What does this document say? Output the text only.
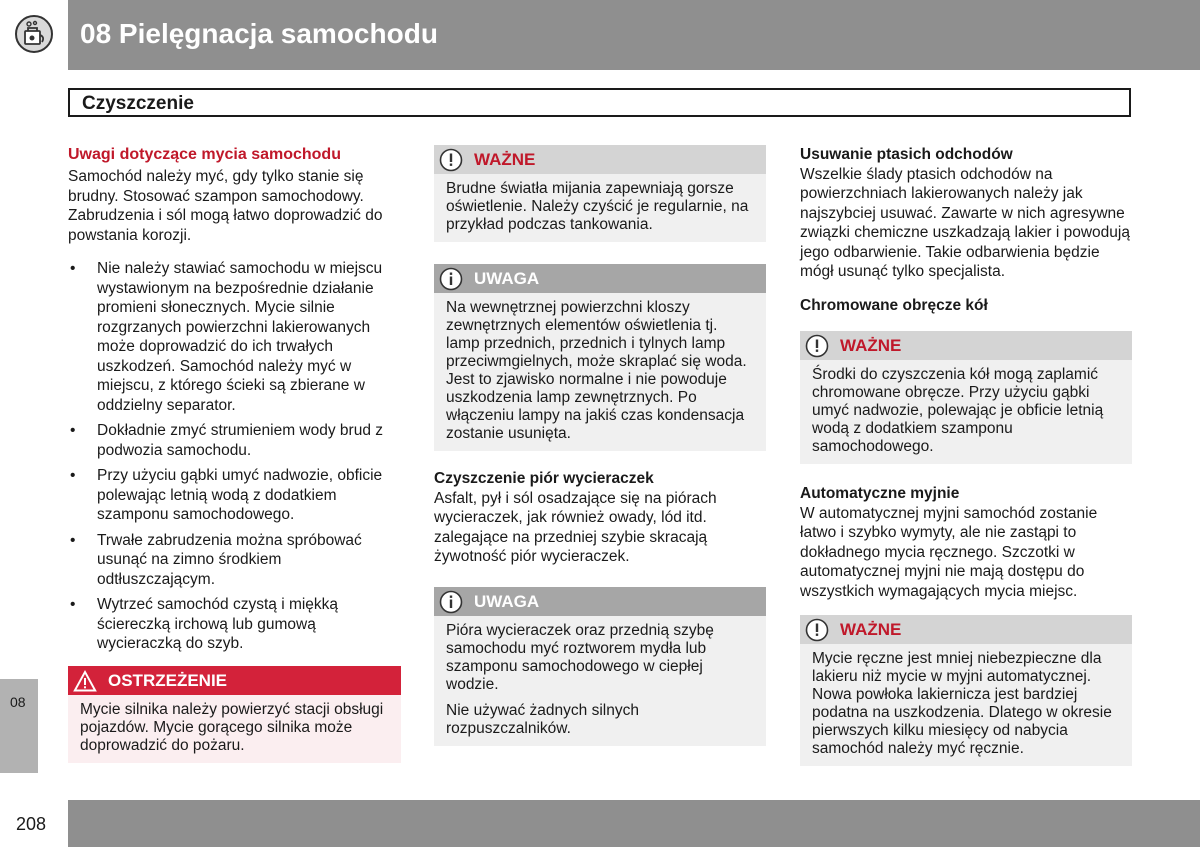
08 Pielęgnacja samochodu
08
208
Czyszczenie
Uwagi dotyczące mycia samochodu

Samochód należy myć, gdy tylko stanie się brudny. Stosować szampon samochodowy. Zabrudzenia i sól mogą łatwo doprowadzić do powstania korozji.

• Nie należy stawiać samochodu w miejscu wystawionym na bezpośrednie działanie promieni słonecznych. Mycie silnie rozgrzanych powierzchni lakierowanych może doprowadzić do ich trwałych uszkodzeń. Samochód należy myć w miejscu, z którego ścieki są zbierane w oddzielny separator.
• Dokładnie zmyć strumieniem wody brud z podwozia samochodu.
• Przy użyciu gąbki umyć nadwozie, obficie polewając letnią wodą z dodatkiem szamponu samochodowego.
• Trwałe zabrudzenia można spróbować usunąć na zimno środkiem odtłuszczającym.
• Wytrzeć samochód czystą i miękką ściereczką irchową lub gumową wycieraczką do szyb.
OSTRZEŻENIE
Mycie silnika należy powierzyć stacji obsługi pojazdów. Mycie gorącego silnika może doprowadzić do pożaru.
WAŻNE
Brudne światła mijania zapewniają gorsze oświetlenie. Należy czyścić je regularnie, na przykład podczas tankowania.
UWAGA
Na wewnętrznej powierzchni kloszy zewnętrznych elementów oświetlenia tj. lamp przednich, przednich i tylnych lamp przeciwmgielnych, może skraplać się woda. Jest to zjawisko normalne i nie powoduje uszkodzenia lamp zewnętrznych. Po włączeniu lampy na jakiś czas kondensacja zostanie usunięta.
Czyszczenie piór wycieraczek

Asfalt, pył i sól osadzające się na piórach wycieraczek, jak również owady, lód itd. zalegające na przedniej szybie skracają żywotność piór wycieraczek.

UWAGA

Pióra wycieraczek oraz przednią szybę samochodu myć roztworem mydła lub szamponu samochodowego w ciepłej wodzie.

Nie używać żadnych silnych rozpuszczalników.

Usuwanie ptasich odchodów

Wszelkie ślady ptasich odchodów na powierzchniach lakierowanych należy jak najszybciej usuwać. Zawarte w nich agresywne związki chemiczne uszkadzają lakier i powodują jego odbarwienie. Takie odbarwienia będzie mógł usunąć tylko specjalista.

Chromowane obręcze kół
WAŻNE
Środki do czyszczenia kół mogą zaplamić chromowane obręcze. Przy użyciu gąbki umyć nadwozie, polewając je obficie letnią wodą z dodatkiem szamponu samochodowego.
Automatyczne myjnie

W automatycznej myjni samochód zostanie łatwo i szybko wymyty, ale nie zastąpi to dokładnego mycia ręcznego. Szczotki w automatycznej myjni nie mają dostępu do wszystkich wymagających mycia miejsc.

WAŻNE
Mycie ręczne jest mniej niebezpieczne dla lakieru niż mycie w myjni automatycznej. Nowa powłoka lakiernicza jest bardziej podatna na uszkodzenia. Dlatego w okresie pierwszych kilku miesięcy od nabycia samochód należy myć ręcznie.
